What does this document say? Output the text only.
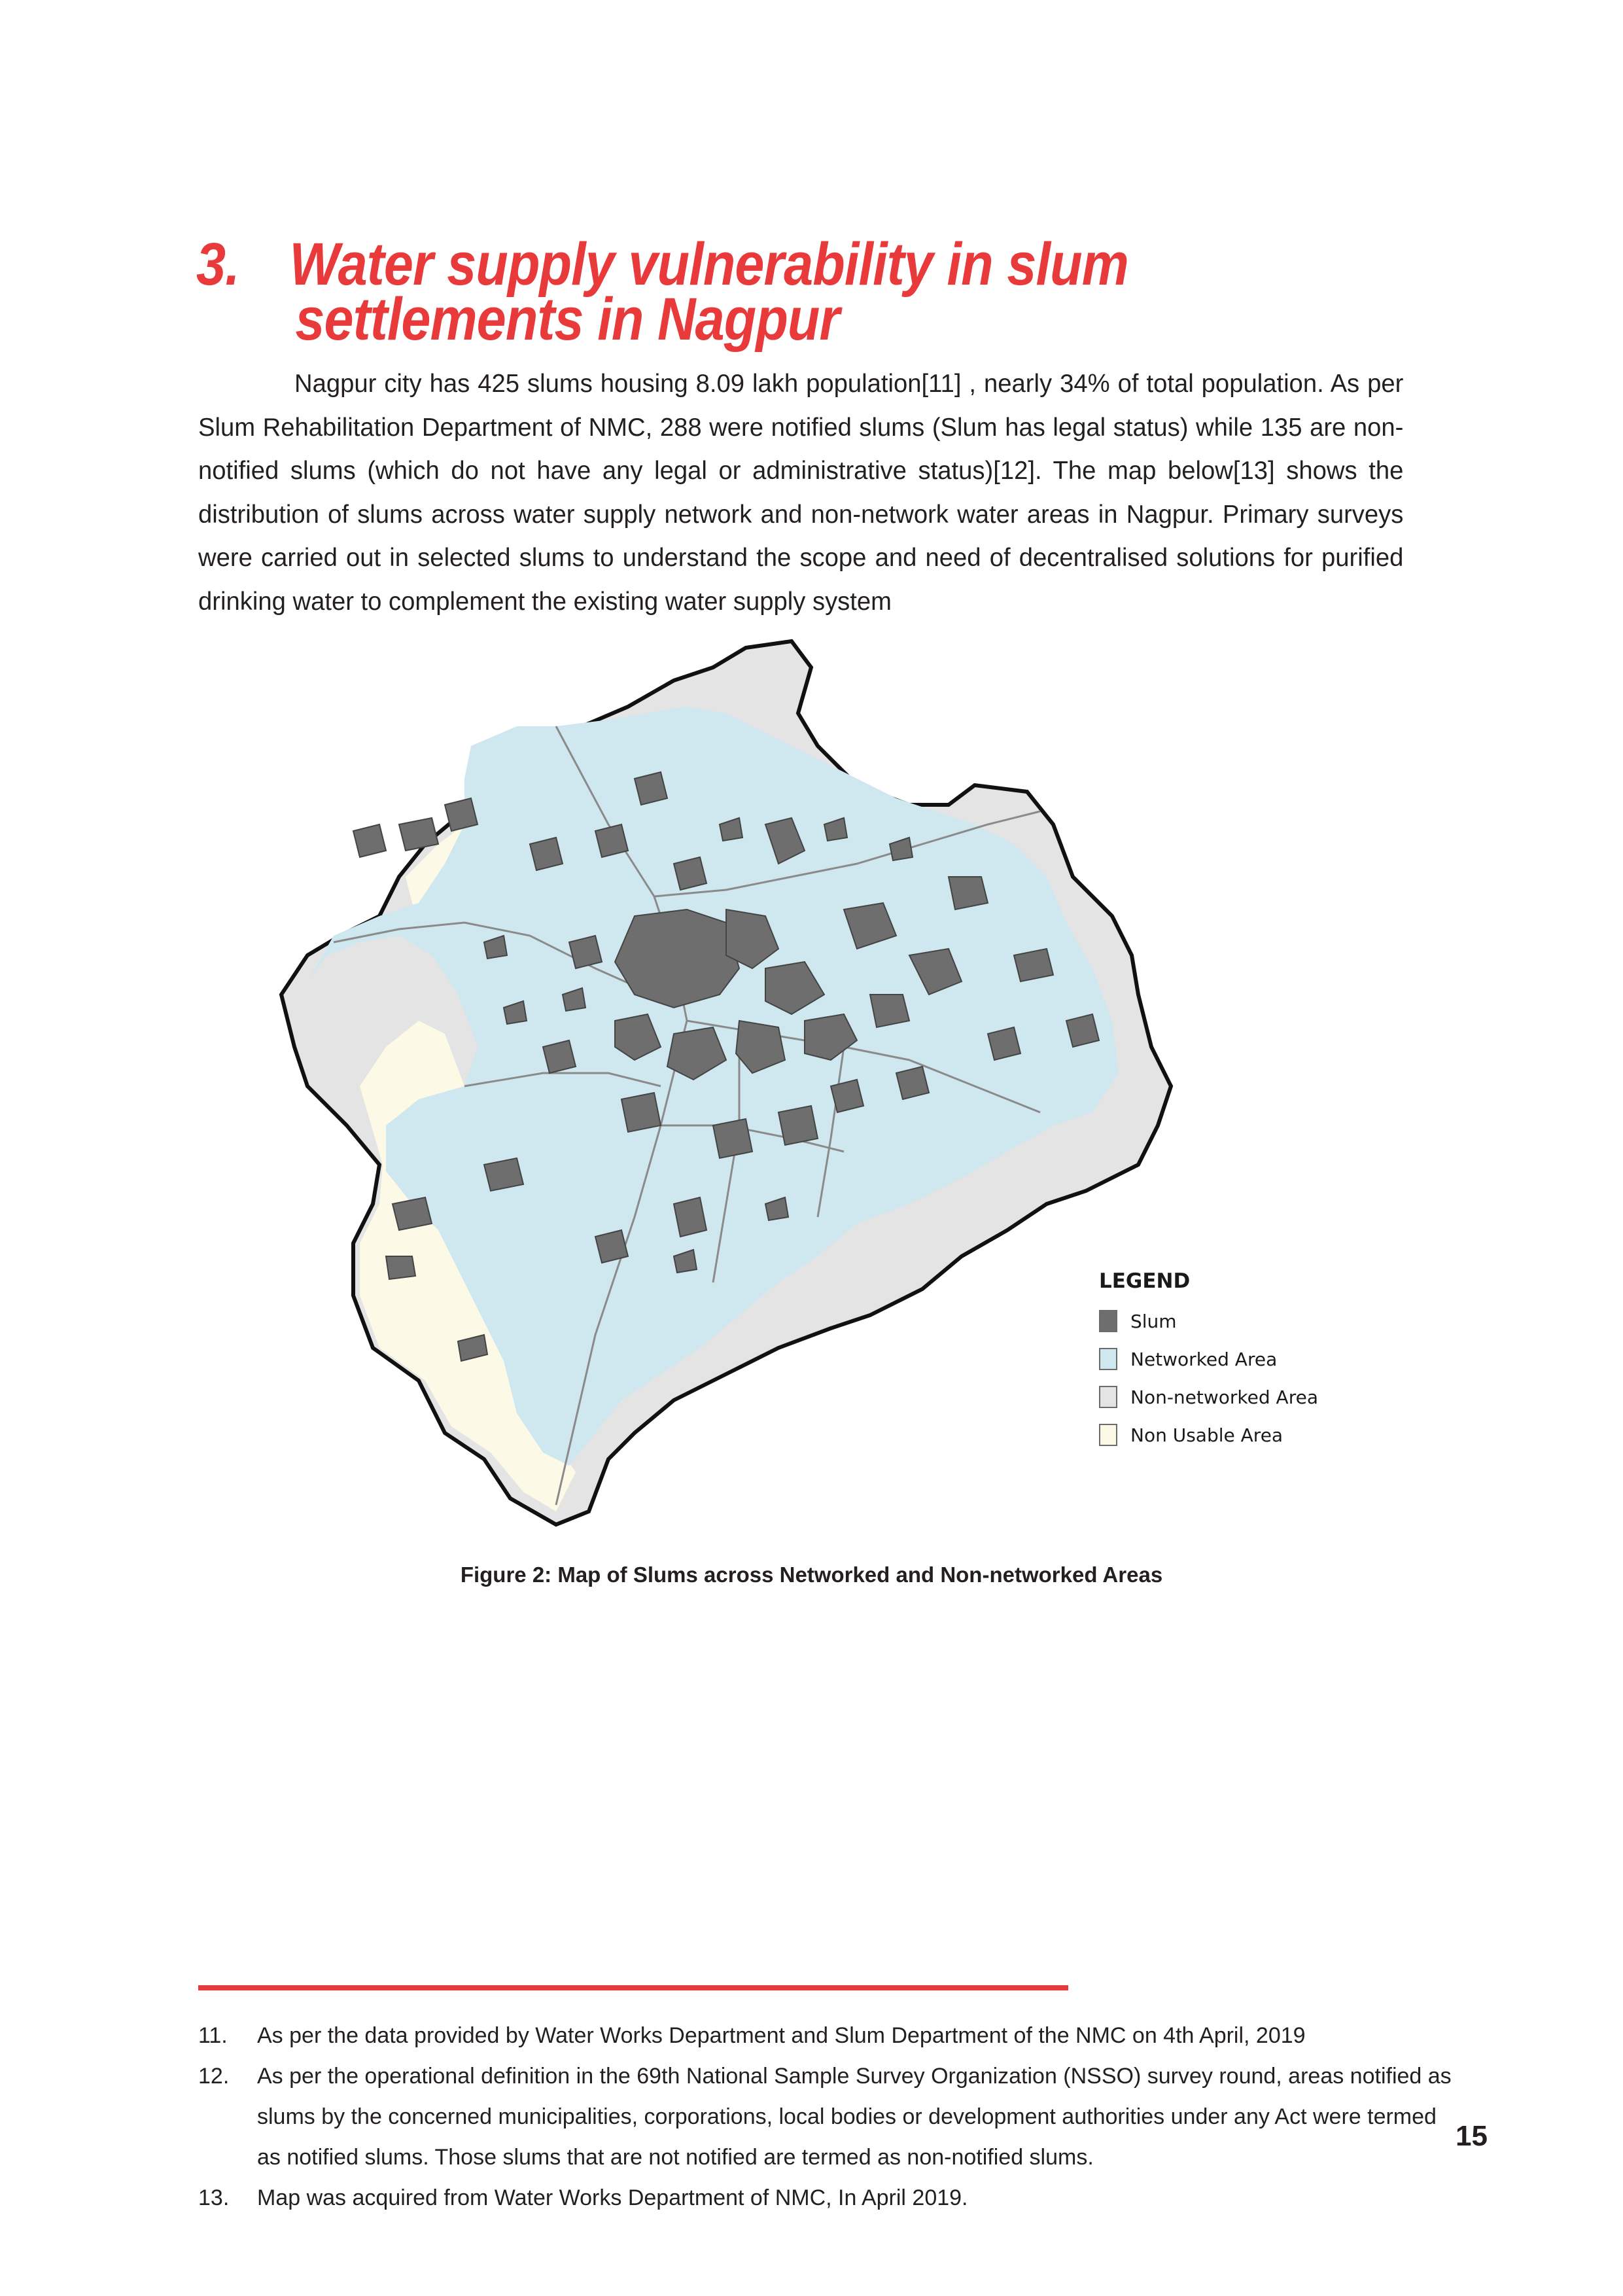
3. Water supply vulnerability in slum
settlements in Nagpur

Nagpur city has 425 slums housing 8.09 lakh population[11] , nearly 34% of total population. As per Slum Rehabilitation Department of NMC, 288 were notified slums (Slum has legal status) while 135 are non-notified slums (which do not have any legal or administrative status)[12]. The map below[13] shows the distribution of slums across water supply network and non-network water areas in Nagpur. Primary surveys were carried out in selected slums to understand the scope and need of decentralised solutions for purified drinking water to complement the existing water supply system

LEGEND
Slum
Networked Area
Non-networked Area
Non Usable Area
Figure 2: Map of Slums across Networked and Non-networked Areas
11.	As per the data provided by Water Works Department and Slum Department of the NMC on 4th April, 2019
12.	As per the operational definition in the 69th National Sample Survey Organization (NSSO) survey round, areas notified as slums by the concerned municipalities, corporations, local bodies or development authorities under any Act were termed as notified slums. Those slums that are not notified are termed as non-notified slums.
13.	Map was acquired from Water Works Department of NMC, In April 2019.
15
